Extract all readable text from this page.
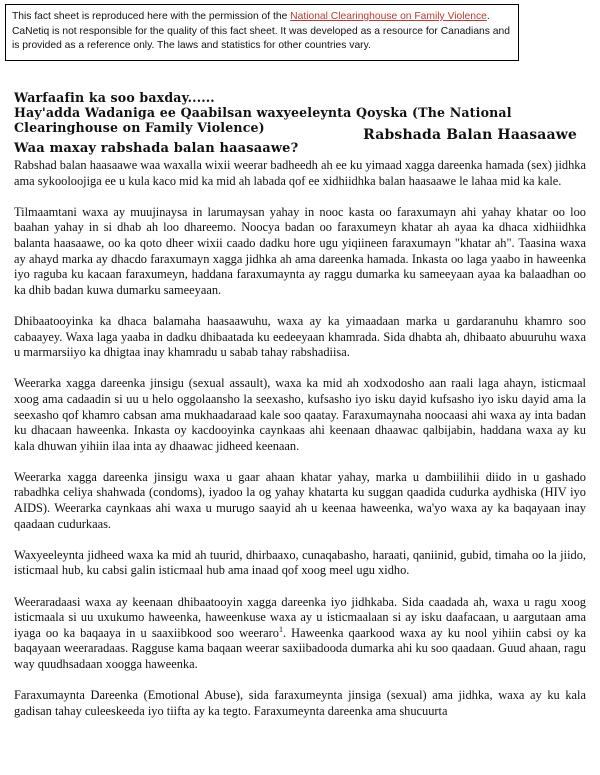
This fact sheet is reproduced here with the permission of the National Clearinghouse on Family Violence. CaNetiq is not responsible for the quality of this fact sheet. It was developed as a resource for Canadians and is provided as a reference only. The laws and statistics for other countries vary.
Warfaafin ka soo baxday......
Hay'adda Wadaniga ee Qaabilsan waxyeeleynta Qoyska (The National Clearinghouse on Family Violence)	Rabshada Balan Haasaawe
Waa maxay rabshada balan haasaawe?

Rabshad balan haasaawe waa waxalla wixii weerar badheedh ah ee ku yimaad xagga dareenka hamada (sex) jidhka ama sykooloojiga ee u kula kaco mid ka mid ah labada qof ee xidhiidhka balan haasaawe le lahaa mid ka kale.

Tilmaamtani waxa ay muujinaysa in larumaysan yahay in nooc kasta oo faraxumayn ahi yahay khatar oo loo baahan yahay in si dhab ah loo dhareemo. Noocya badan oo faraxumeyn khatar ah ayaa ka dhaca xidhiidhka balanta haasaawe, oo ka qoto dheer wixii caado dadku hore ugu yiqiineen faraxumayn "khatar ah". Taasina waxa ay ahayd marka ay dhacdo faraxumayn xagga jidhka ah ama dareenka hamada. Inkasta oo laga yaabo in haweenka iyo raguba ku kacaan faraxumeyn, haddana faraxumaynta ay raggu dumarka ku sameeyaan ayaa ka balaadhan oo ka dhib badan kuwa dumarku sameeyaan.

Dhibaatooyinka ka dhaca balamaha haasaawuhu, waxa ay ka yimaadaan marka u gardaranuhu khamro soo cabaayey. Waxa laga yaaba in dadku dhibaatada ku eedeeyaan khamrada. Sida dhabta ah, dhibaato abuuruhu waxa u marmarsiiyo ka dhigtaa inay khamradu u sabab tahay rabshadiisa.

Weerarka xagga dareenka jinsigu (sexual assault), waxa ka mid ah xodxodosho aan raali laga ahayn, isticmaal xoog ama cadaadin si uu u helo oggolaansho la seexasho, kufsasho iyo isku dayid kufsasho iyo isku dayid ama la seexasho qof khamro cabsan ama mukhaadaraad kale soo qaatay. Faraxumaynaha noocaasi ahi waxa ay inta badan ku dhacaan haweenka. Inkasta oy kacdooyinka caynkaas ahi keenaan dhaawac qalbijabin, haddana waxa ay ku kala dhuwan yihiin ilaa inta ay dhaawac jidheed keenaan.

Weerarka xagga dareenka jinsigu waxa u gaar ahaan khatar yahay, marka u dambiilihii diido in u gashado rabadhka celiya shahwada (condoms), iyadoo la og yahay khatarta ku suggan qaadida cudurka aydhiska (HIV iyo AIDS). Weerarka caynkaas ahi waxa u murugo saayid ah u keenaa haweenka, wa'yo waxa ay ka baqayaan inay qaadaan cudurkaas.

Waxyeeleynta jidheed waxa ka mid ah tuurid, dhirbaaxo, cunaqabasho, haraati, qaniinid, gubid, timaha oo la jiido, isticmaal hub, ku cabsi galin isticmaal hub ama inaad qof xoog meel ugu xidho.

Weeraradaasi waxa ay keenaan dhibaatooyin xagga dareenka iyo jidhkaba. Sida caadada ah, waxa u ragu xoog isticmaala si uu uxukumo haweenka, haweenkuse waxa ay u isticmaalaan si ay isku daafacaan, u aargutaan ama iyaga oo ka baqaaya in u saaxiibkood soo weeraro$^1$. Haweenka qaarkood waxa ay ku nool yihiin cabsi oy ka baqayaan weeraradaas. Ragguse kama baqaan weerar saxiibadooda dumarka ahi ku soo qaadaan. Guud ahaan, ragu way quudhsadaan xoogga haweenka.

Faraxumaynta Dareenka (Emotional Abuse), sida faraxumeynta jinsiga (sexual) ama jidhka, waxa ay ku kala gadisan tahay culeeskeeda iyo tiifta ay ka tegto. Faraxumeynta dareenka ama shucuurta
